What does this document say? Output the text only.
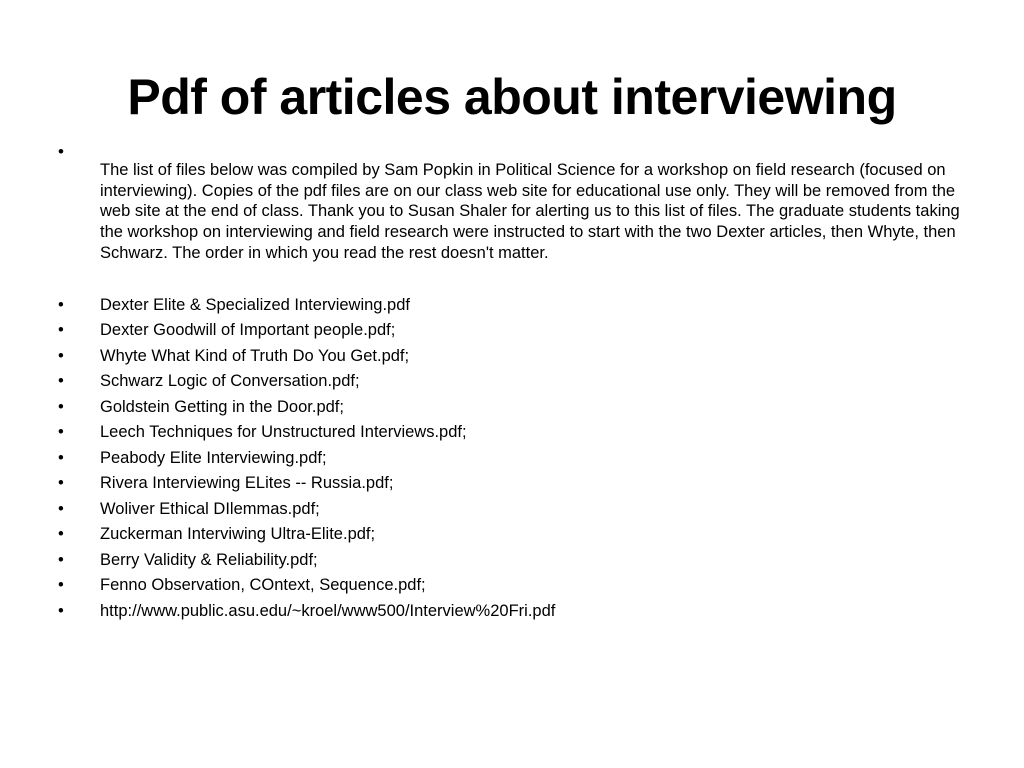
Pdf of articles about interviewing
•
The list of files below was compiled by Sam Popkin in Political Science for a workshop on field research (focused on interviewing). Copies of the pdf files are on our class web site for educational use only. They will be removed from the web site at the end of class. Thank you to Susan Shaler for alerting us to this list of files. The graduate students taking the workshop on interviewing and field research were instructed to start with the two Dexter articles, then Whyte, then Schwarz. The order in which you read the rest doesn't matter.
• Dexter Elite & Specialized Interviewing.pdf
• Dexter Goodwill of Important people.pdf;
• Whyte What Kind of Truth Do You Get.pdf;
• Schwarz Logic of Conversation.pdf;
• Goldstein Getting in the Door.pdf;
• Leech Techniques for Unstructured Interviews.pdf;
• Peabody Elite Interviewing.pdf;
• Rivera Interviewing ELites -- Russia.pdf;
• Woliver Ethical DIlemmas.pdf;
• Zuckerman Interviwing Ultra-Elite.pdf;
• Berry Validity & Reliability.pdf;
• Fenno Observation, COntext, Sequence.pdf;
• http://www.public.asu.edu/~kroel/www500/Interview%20Fri.pdf
